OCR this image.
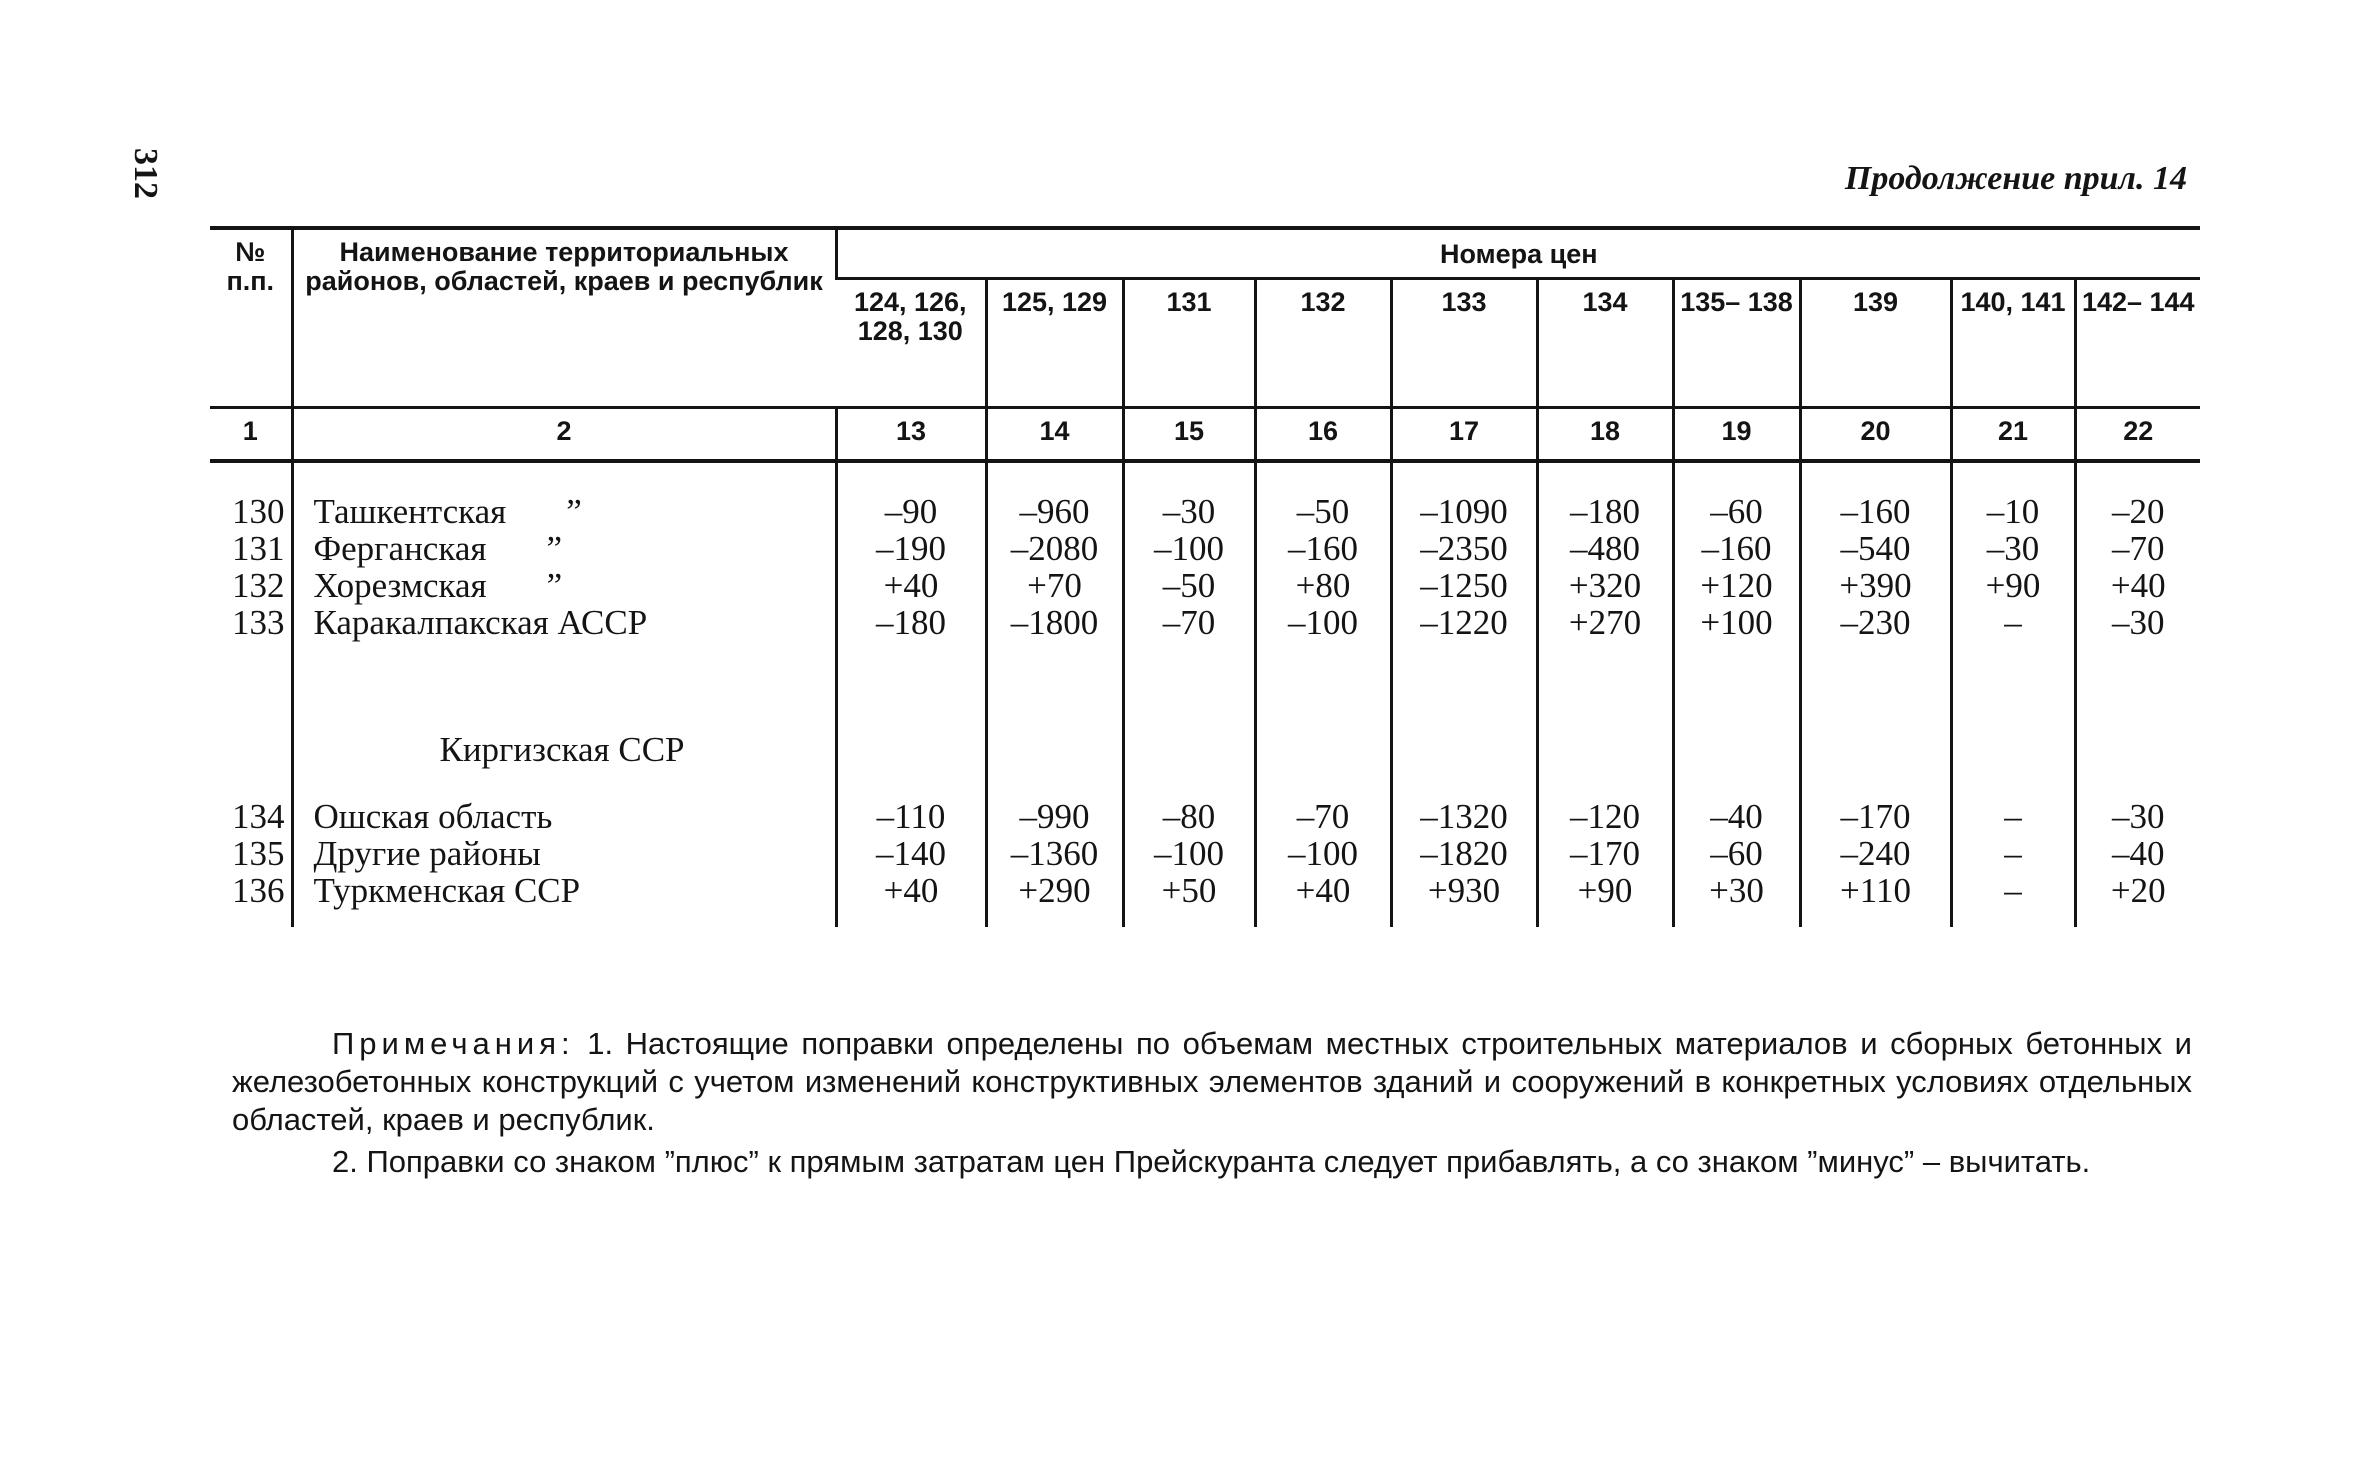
312	Продолжение прил. 14
№ п.п.	Наименование территориальных районов, областей, краев и республик	Номера цен									
		124, 126, 128, 130	125, 129	131	132	133	134	135– 138	139	140, 141	142– 144
1	2	13	14	15	16	17	18	19	20	21	22

130	Ташкентская ”	–90	–960	–30	–50	–1090	–180	–60	–160	–10	–20
131	Ферганская ”	–190	–2080	–100	–160	–2350	–480	–160	–540	–30	–70
132	Хорезмская ”	+40	+70	–50	+80	–1250	+320	+120	+390	+90	+40
133	Каракалпакская АССР	–180	–1800	–70	–100	–1220	+270	+100	–230	–	–30

	Киргизская ССР										

134	Ошская область	–110	–990	–80	–70	–1320	–120	–40	–170	–	–30
135	Другие районы	–140	–1360	–100	–100	–1820	–170	–60	–240	–	–40
136	Туркменская ССР	+40	+290	+50	+40	+930	+90	+30	+110	–	+20

Примечания: 1. Настоящие поправки определены по объемам местных строительных материалов и сборных бетонных и железобетонных конструкций с учетом изменений конструктивных элементов зданий и сооружений в конкретных условиях отдельных областей, краев и республик.

2. Поправки со знаком ”плюс” к прямым затратам цен Прейскуранта следует прибавлять, а со знаком ”минус” – вычитать.
